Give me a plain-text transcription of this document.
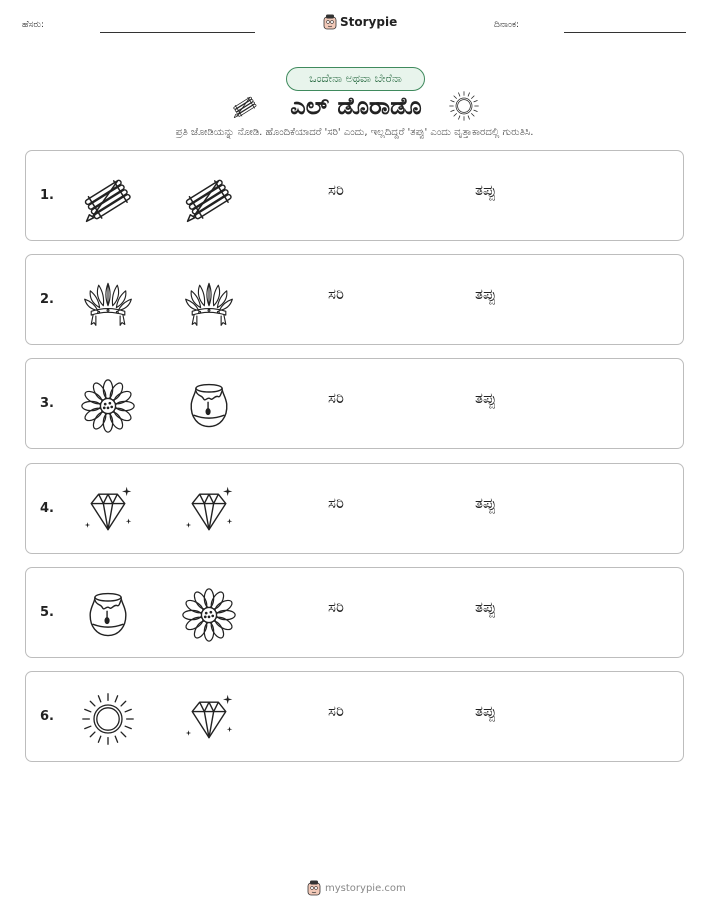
ಹೆಸರು:	Storypie	ದಿನಾಂಕ:
ಒಂದೇನಾ ಅಥವಾ ಬೇರೆನಾ
ಎಲ್ ಡೊರಾಡೊ
ಪ್ರತಿ ಜೋಡಿಯನ್ನು ನೋಡಿ. ಹೊಂದಿಕೆಯಾದರೆ 'ಸರಿ' ಎಂದು, ಇಲ್ಲದಿದ್ದರೆ 'ತಪ್ಪು' ಎಂದು ವೃತ್ತಾಕಾರದಲ್ಲಿ ಗುರುತಿಸಿ.
1.	ಸರಿ	ತಪ್ಪು
2.	ಸರಿ	ತಪ್ಪು
3.	ಸರಿ	ತಪ್ಪು
4.	ಸರಿ	ತಪ್ಪು
5.	ಸರಿ	ತಪ್ಪು
6.	ಸರಿ	ತಪ್ಪು
mystorypie.com
